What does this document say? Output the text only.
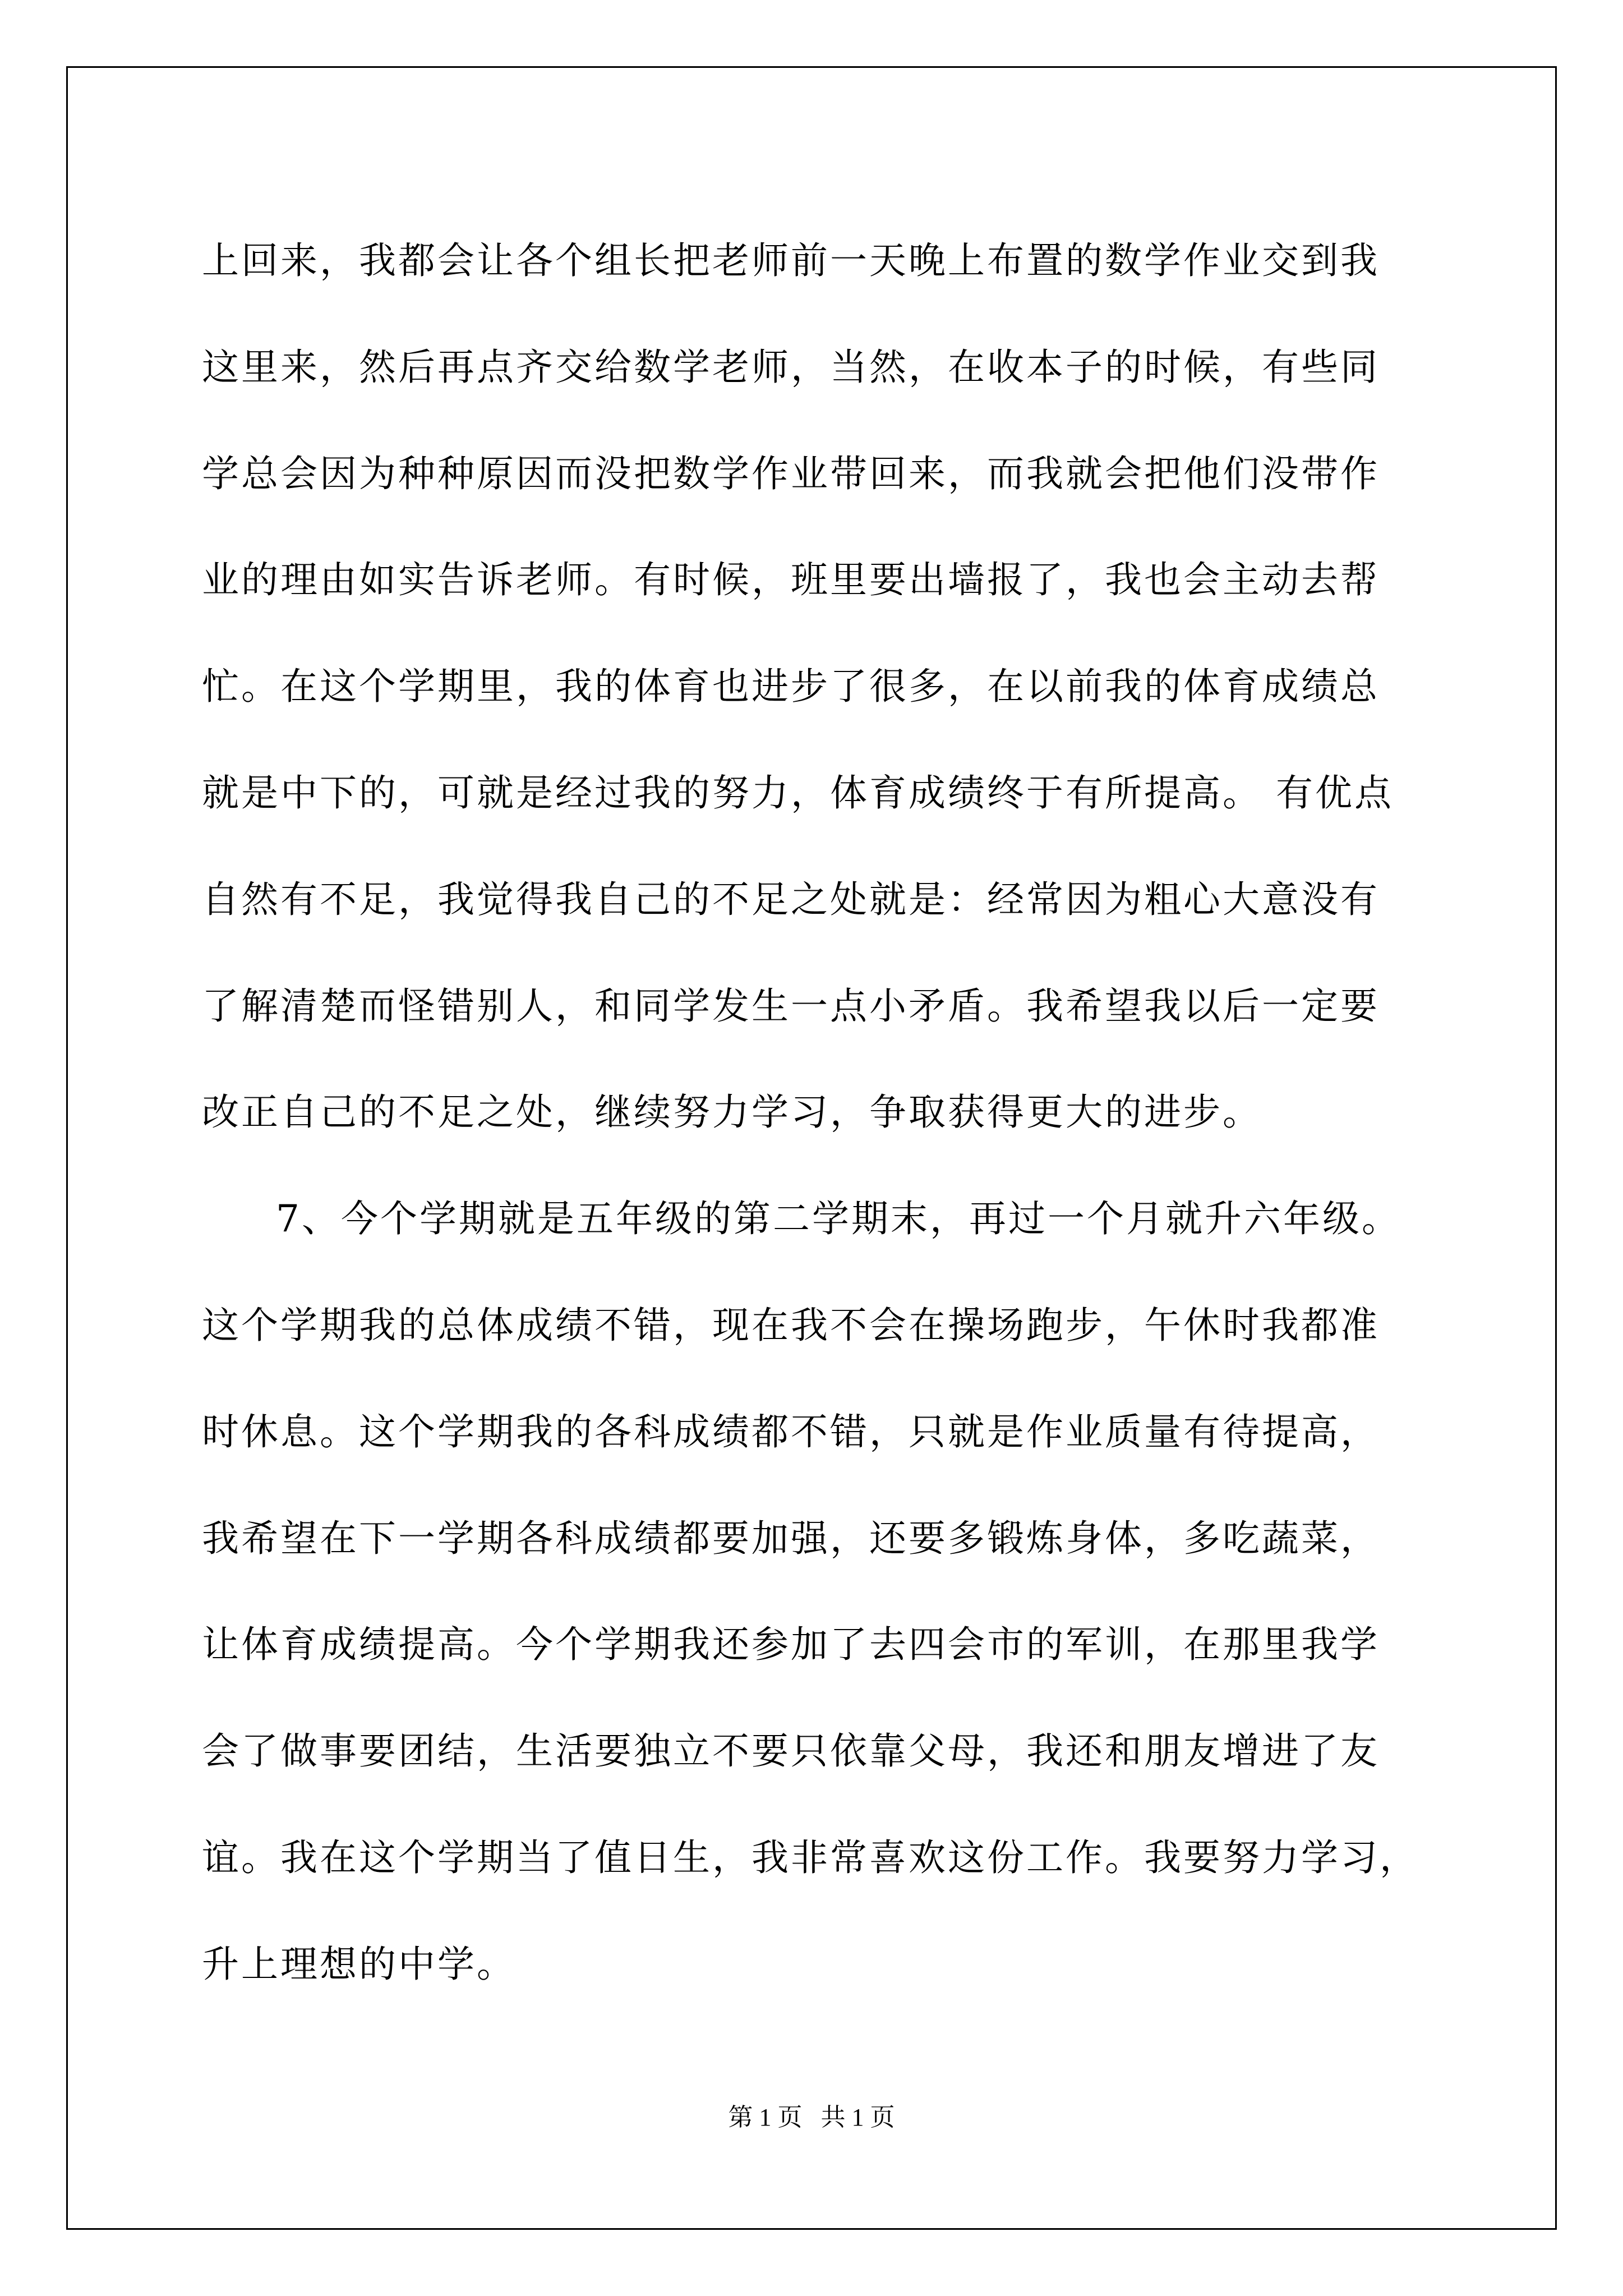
上回来，我都会让各个组长把老师前一天晚上布置的数学作业交到我
这里来，然后再点齐交给数学老师，当然，在收本子的时候，有些同
学总会因为种种原因而没把数学作业带回来，而我就会把他们没带作
业的理由如实告诉老师。有时候，班里要出墙报了，我也会主动去帮
忙。在这个学期里，我的体育也进步了很多，在以前我的体育成绩总
就是中下的，可就是经过我的努力，体育成绩终于有所提高。 有优点
自然有不足，我觉得我自己的不足之处就是：经常因为粗心大意没有
了解清楚而怪错别人，和同学发生一点小矛盾。我希望我以后一定要
改正自己的不足之处，继续努力学习，争取获得更大的进步。
7、今个学期就是五年级的第二学期末，再过一个月就升六年级。
这个学期我的总体成绩不错，现在我不会在操场跑步，午休时我都准
时休息。这个学期我的各科成绩都不错，只就是作业质量有待提高，
我希望在下一学期各科成绩都要加强，还要多锻炼身体，多吃蔬菜，
让体育成绩提高。今个学期我还参加了去四会市的军训，在那里我学
会了做事要团结，生活要独立不要只依靠父母，我还和朋友增进了友
谊。我在这个学期当了值日生，我非常喜欢这份工作。我要努力学习，
升上理想的中学。
第 1 页   共 1 页
